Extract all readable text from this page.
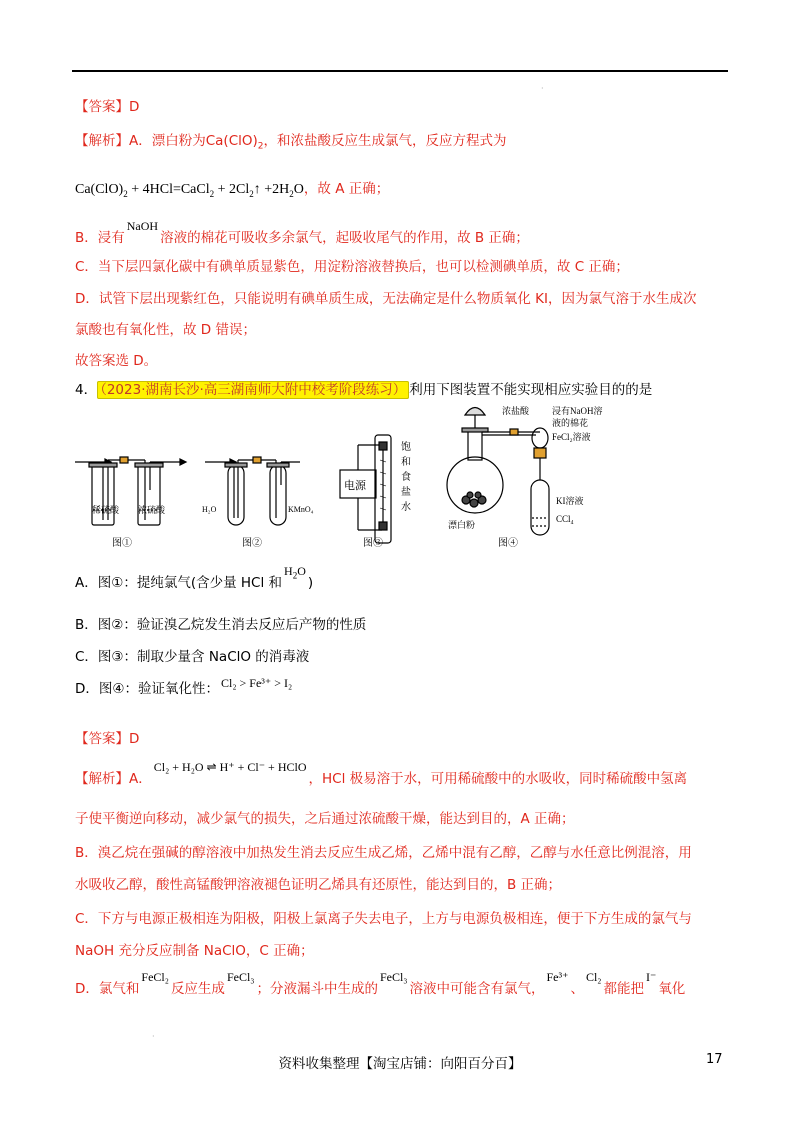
·
【答案】D
【解析】A．漂白粉为$Ca(ClO)_2$，和浓盐酸反应生成氯气，反应方程式为
$Ca(ClO)_2$ + 4HCl=CaCl$_2$ + $2Cl_2↑ +2H_2O$，故 A 正确；
B．浸有NaOH溶液的棉花可吸收多余氯气，起吸收尾气的作用，故 B 正确；
C．当下层四氯化碳中有碘单质显紫色，用淀粉溶液替换后，也可以检测碘单质，故 C 正确；
D．试管下层出现紫红色，只能说明有碘单质生成，无法确定是什么物质氧化 KI，因为氯气溶于水生成次
氯酸也有氧化性，故 D 错误；
故答案选 D。
4． （2023·湖南长沙·高三湖南师大附中校考阶段练习） 利用下图装置不能实现相应实验目的的是
稀硫酸 浓硫酸
图①
H₂O	KMnO₄
图②
电源
饱
和
食
盐
水
图③
浓盐酸	浸有NaOH溶
液的棉花
FeCl₂溶液
KI溶液
CCl₄
漂白粉
图④
A．图①：提纯氯气(含少量 HCl 和$H_2O$)
B．图②：验证溴乙烷发生消去反应后产物的性质
C．图③：制取少量含 NaClO 的消毒液
D．图④：验证氧化性： Cl₂ > Fe³⁺ > I₂
【答案】D
【解析】A．Cl₂ + H₂O ⇌ H⁺ + Cl⁻ + HClO，HCl 极易溶于水，可用稀硫酸中的水吸收，同时稀硫酸中氢离
子使平衡逆向移动，减少氯气的损失，之后通过浓硫酸干燥，能达到目的，A 正确；
B．溴乙烷在强碱的醇溶液中加热发生消去反应生成乙烯，乙烯中混有乙醇，乙醇与水任意比例混溶，用
水吸收乙醇，酸性高锰酸钾溶液褪色证明乙烯具有还原性，能达到目的，B 正确；
C．下方与电源正极相连为阳极，阳极上氯离子失去电子，上方与电源负极相连，便于下方生成的氯气与
NaOH 充分反应制备 NaClO，C 正确；
D．氯气和FeCl₂反应生成FeCl₃；分液漏斗中生成的FeCl₃溶液中可能含有氯气，Fe³⁺、Cl₂都能把I⁻氧化
·
资料收集整理【淘宝店铺：向阳百分百】	17
